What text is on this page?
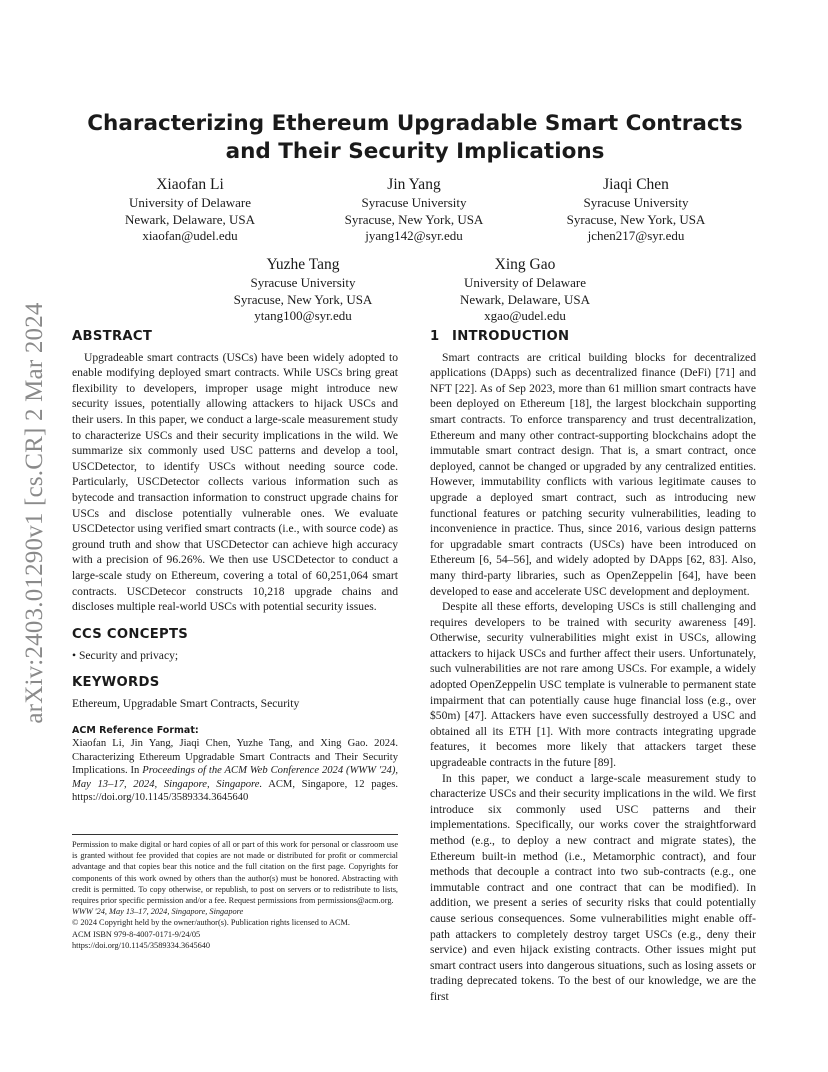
arXiv:2403.01290v1 [cs.CR] 2 Mar 2024
Characterizing Ethereum Upgradable Smart Contracts and Their Security Implications
Xiaofan Li
University of Delaware
Newark, Delaware, USA
xiaofan@udel.edu
Jin Yang
Syracuse University
Syracuse, New York, USA
jyang142@syr.edu
Jiaqi Chen
Syracuse University
Syracuse, New York, USA
jchen217@syr.edu
Yuzhe Tang
Syracuse University
Syracuse, New York, USA
ytang100@syr.edu
Xing Gao
University of Delaware
Newark, Delaware, USA
xgao@udel.edu
ABSTRACT

Upgradeable smart contracts (USCs) have been widely adopted to enable modifying deployed smart contracts. While USCs bring great flexibility to developers, improper usage might introduce new security issues, potentially allowing attackers to hijack USCs and their users. In this paper, we conduct a large-scale measurement study to characterize USCs and their security implications in the wild. We summarize six commonly used USC patterns and develop a tool, USCDetector, to identify USCs without needing source code. Particularly, USCDetector collects various information such as bytecode and transaction information to construct upgrade chains for USCs and disclose potentially vulnerable ones. We evaluate USCDetector using verified smart contracts (i.e., with source code) as ground truth and show that USCDetector can achieve high accuracy with a precision of 96.26%. We then use USCDetector to conduct a large-scale study on Ethereum, covering a total of 60,251,064 smart contracts. USCDetecor constructs 10,218 upgrade chains and discloses multiple real-world USCs with potential security issues.

CCS CONCEPTS
• Security and privacy;
KEYWORDS
Ethereum, Upgradable Smart Contracts, Security
ACM Reference Format:
Xiaofan Li, Jin Yang, Jiaqi Chen, Yuzhe Tang, and Xing Gao. 2024. Characterizing Ethereum Upgradable Smart Contracts and Their Security Implications. In Proceedings of the ACM Web Conference 2024 (WWW '24), May 13–17, 2024, Singapore, Singapore. ACM, Singapore, 12 pages. https://doi.org/10.1145/3589334.3645640
Permission to make digital or hard copies of all or part of this work for personal or classroom use is granted without fee provided that copies are not made or distributed for profit or commercial advantage and that copies bear this notice and the full citation on the first page. Copyrights for components of this work owned by others than the author(s) must be honored. Abstracting with credit is permitted. To copy otherwise, or republish, to post on servers or to redistribute to lists, requires prior specific permission and/or a fee. Request permissions from permissions@acm.org.
WWW '24, May 13–17, 2024, Singapore, Singapore
© 2024 Copyright held by the owner/author(s). Publication rights licensed to ACM.
ACM ISBN 979-8-4007-0171-9/24/05
https://doi.org/10.1145/3589334.3645640
1 INTRODUCTION

Smart contracts are critical building blocks for decentralized applications (DApps) such as decentralized finance (DeFi) [71] and NFT [22]. As of Sep 2023, more than 61 million smart contracts have been deployed on Ethereum [18], the largest blockchain supporting smart contracts. To enforce transparency and trust decentralization, Ethereum and many other contract-supporting blockchains adopt the immutable smart contract design. That is, a smart contract, once deployed, cannot be changed or upgraded by any centralized entities. However, immutability conflicts with various legitimate causes to upgrade a deployed smart contract, such as introducing new functional features or patching security vulnerabilities, leading to inconvenience in practice. Thus, since 2016, various design patterns for upgradable smart contracts (USCs) have been introduced on Ethereum [6, 54–56], and widely adopted by DApps [62, 83]. Also, many third-party libraries, such as OpenZeppelin [64], have been developed to ease and accelerate USC development and deployment.

Despite all these efforts, developing USCs is still challenging and requires developers to be trained with security awareness [49]. Otherwise, security vulnerabilities might exist in USCs, allowing attackers to hijack USCs and further affect their users. Unfortunately, such vulnerabilities are not rare among USCs. For example, a widely adopted OpenZeppelin USC template is vulnerable to permanent state impairment that can potentially cause huge financial loss (e.g., over $50m) [47]. Attackers have even successfully destroyed a USC and obtained all its ETH [1]. With more contracts integrating upgrade features, it becomes more likely that attackers target these upgradeable contracts in the future [89].

In this paper, we conduct a large-scale measurement study to characterize USCs and their security implications in the wild. We first introduce six commonly used USC patterns and their implementations. Specifically, our works cover the straightforward method (e.g., to deploy a new contract and migrate states), the Ethereum built-in method (i.e., Metamorphic contract), and four methods that decouple a contract into two sub-contracts (e.g., one immutable contract and one contract that can be modified). In addition, we present a series of security risks that could potentially cause serious consequences. Some vulnerabilities might enable off-path attackers to completely destroy target USCs (e.g., deny their service) and even hijack existing contracts. Other issues might put smart contract users into dangerous situations, such as losing assets or trading deprecated tokens. To the best of our knowledge, we are the first
